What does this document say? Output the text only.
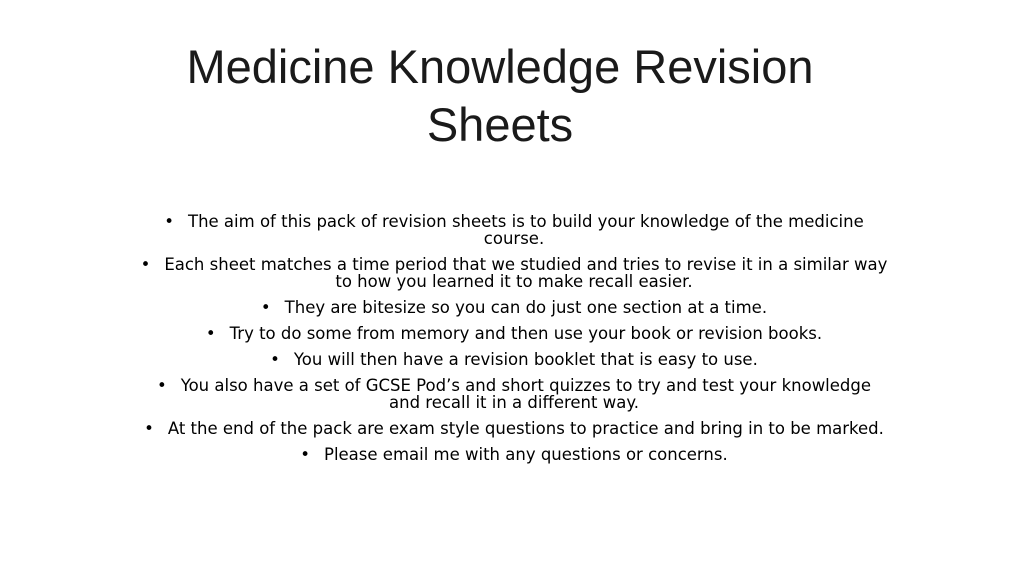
Medicine Knowledge Revision
Sheets
• The aim of this pack of revision sheets is to build your knowledge of the medicine course.
• Each sheet matches a time period that we studied and tries to revise it in a similar way to how you learned it to make recall easier.
• They are bitesize so you can do just one section at a time.
• Try to do some from memory and then use your book or revision books.
• You will then have a revision booklet that is easy to use.
• You also have a set of GCSE Pod’s and short quizzes to try and test your knowledge and recall it in a different way.
• At the end of the pack are exam style questions to practice and bring in to be marked.
• Please email me with any questions or concerns.
